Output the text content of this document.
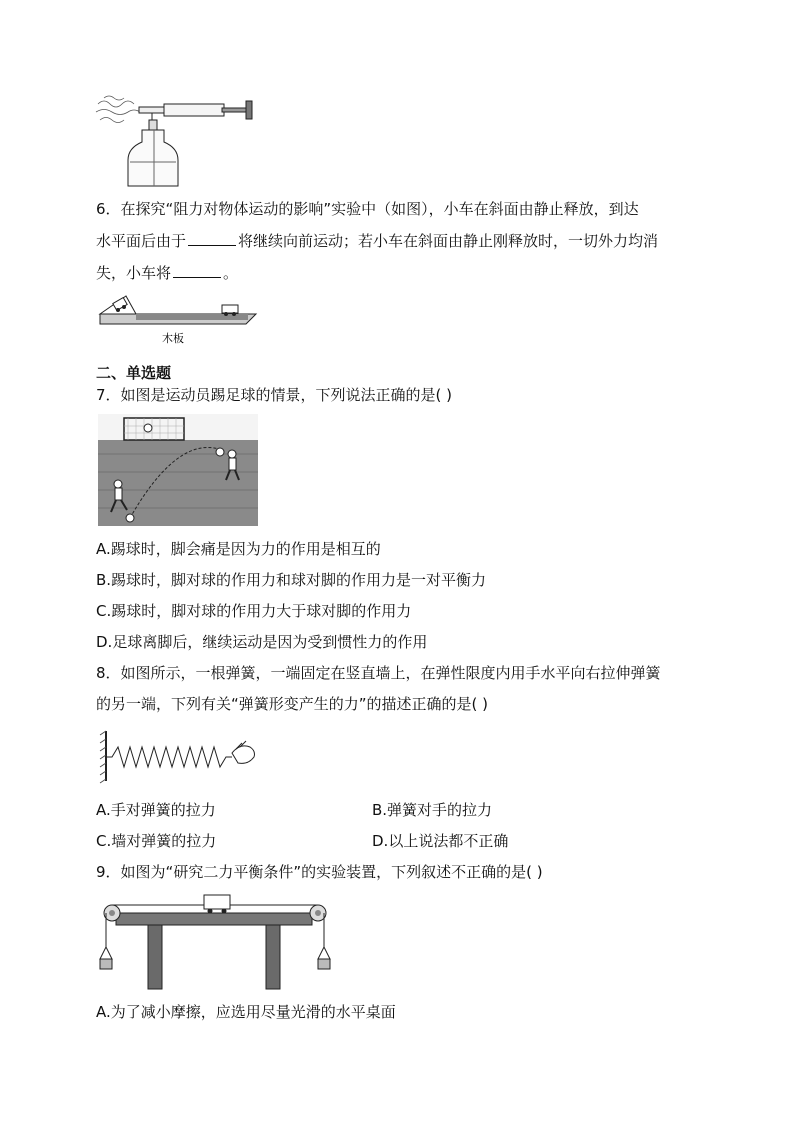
6．在探究“阻力对物体运动的影响”实验中（如图），小车在斜面由静止释放，到达
水平面后由于	将继续向前运动；若小车在斜面由静止刚释放时，一切外力均消
失，小车将	。
木板
二、单选题
7．如图是运动员踢足球的情景，下列说法正确的是( )
A.踢球时，脚会痛是因为力的作用是相互的
B.踢球时，脚对球的作用力和球对脚的作用力是一对平衡力
C.踢球时，脚对球的作用力大于球对脚的作用力
D.足球离脚后，继续运动是因为受到惯性力的作用
8．如图所示，一根弹簧，一端固定在竖直墙上，在弹性限度内用手水平向右拉伸弹簧
的另一端，下列有关“弹簧形变产生的力”的描述正确的是( )
A.手对弹簧的拉力	B.弹簧对手的拉力
C.墙对弹簧的拉力	D.以上说法都不正确
9．如图为“研究二力平衡条件”的实验装置，下列叙述不正确的是( )
A.为了减小摩擦，应选用尽量光滑的水平桌面
